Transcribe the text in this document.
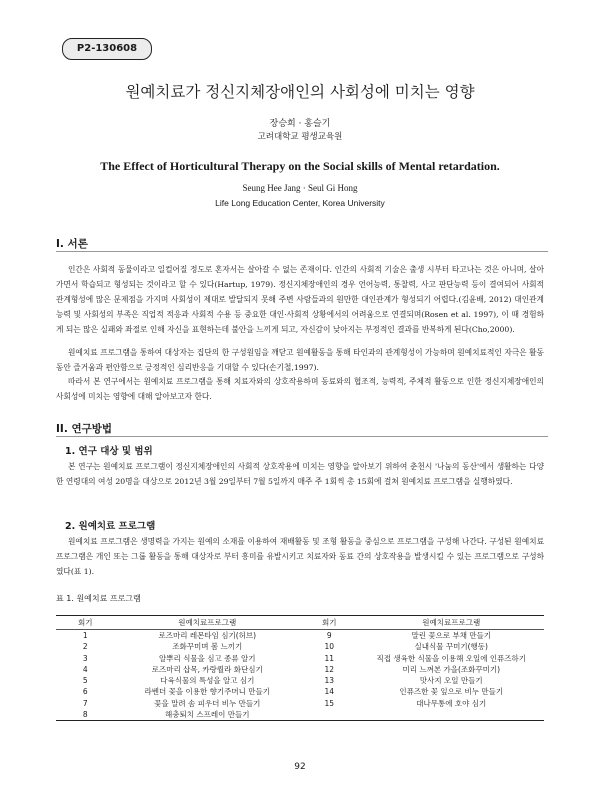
P2-130608
원예치료가 정신지체장애인의 사회성에 미치는 영향
장승희 · 홍슬기
고려대학교 평생교육원
The Effect of Horticultural Therapy on the Social skills of Mental retardation.
Seung Hee Jang · Seul Gi Hong
Life Long Education Center, Korea University
I. 서론

인간은 사회적 동물이라고 일컬어질 정도로 혼자서는 살아갈 수 없는 존재이다. 인간의 사회적 기술은 출생 시부터 타고나는 것은 아니며, 살아가면서 학습되고 형성되는 것이라고 할 수 있다(Hartup, 1979). 정신지체장애인의 경우 언어능력, 통찰력, 사고 판단능력 등이 결여되어 사회적 관계형성에 많은 문제점을 가지며 사회성이 제대로 발달되지 못해 주변 사람들과의 원만한 대인관계가 형성되기 어렵다.(김윤배, 2012) 대인관계 능력 및 사회성의 부족은 직업적 적응과 사회적 수용 등 중요한 대인·사회적 상황에서의 어려움으로 연결되며(Rosen et al. 1997), 이 때 경험하게 되는 많은 실패와 좌절로 인해 자신을 표현하는데 불안을 느끼게 되고, 자신감이 낮아지는 부정적인 결과를 반복하게 된다(Cho,2000).

원예치료 프로그램을 통하여 대상자는 집단의 한 구성원임을 깨닫고 원예활동을 통해 타인과의 관계형성이 가능하며 원예치료적인 자극은 활동 동안 즐거움과 편안함으로 긍정적인 심리반응을 기대할 수 있다(손기철,1997).

따라서 본 연구에서는 원예치료 프로그램을 통해 치료자와의 상호작용하며 동료와의 협조적, 능력적, 주체적 활동으로 인한 정신지체장애인의 사회성에 미치는 영향에 대해 알아보고자 한다.

II. 연구방법
1. 연구 대상 및 범위

본 연구는 원예치료 프로그램이 정신지체장애인의 사회적 상호작용에 미치는 영향을 알아보기 위하여 춘천시 '나눔의 동산'에서 생활하는 다양한 연령대의 여성 20명을 대상으로 2012년 3월 29일부터 7월 5일까지 매주 주 1회씩 총 15회에 걸쳐 원예치료 프로그램을 실행하였다.

2. 원예치료 프로그램

원예치료 프로그램은 생명력을 가지는 원예의 소재를 이용하여 재배활동 및 조형 활동을 중심으로 프로그램을 구성해 나간다. 구성된 원예치료 프로그램은 개인 또는 그룹 활동을 통해 대상자로 부터 흥미를 유발시키고 치료자와 동료 간의 상호작용을 발생시킬 수 있는 프로그램으로 구성하였다(표 1).

표 1. 원예치료 프로그램
회기	원예치료프로그램	회기	원예치료프로그램
1	로즈마리 레몬타임 심기(허브)	9	말린 꽃으로 부채 만들기
2	조화꾸미며 봄 느끼기	10	실내식물 꾸미기(행동)
3	알뿌리 식물을 심고 종류 알기	11	직접 생육한 식물을 이용해 오일에 인퓨즈하기
4	로즈마리 삽목, 카랑퀄라 화단심기	12	미리 느껴본 가을(조화꾸미기)
5	다육식물의 특성을 알고 심기	13	맛사지 오일 만들기
6	라벤더 꽃을 이용한 향기주머니 만들기	14	인퓨즈한 꽃 잎으로 비누 만들기
7	꽃을 말려 솜 피우더 비누 만들기	15	대나무통에 호야 심기
8	해충퇴치 스프레이 만들기		
92
